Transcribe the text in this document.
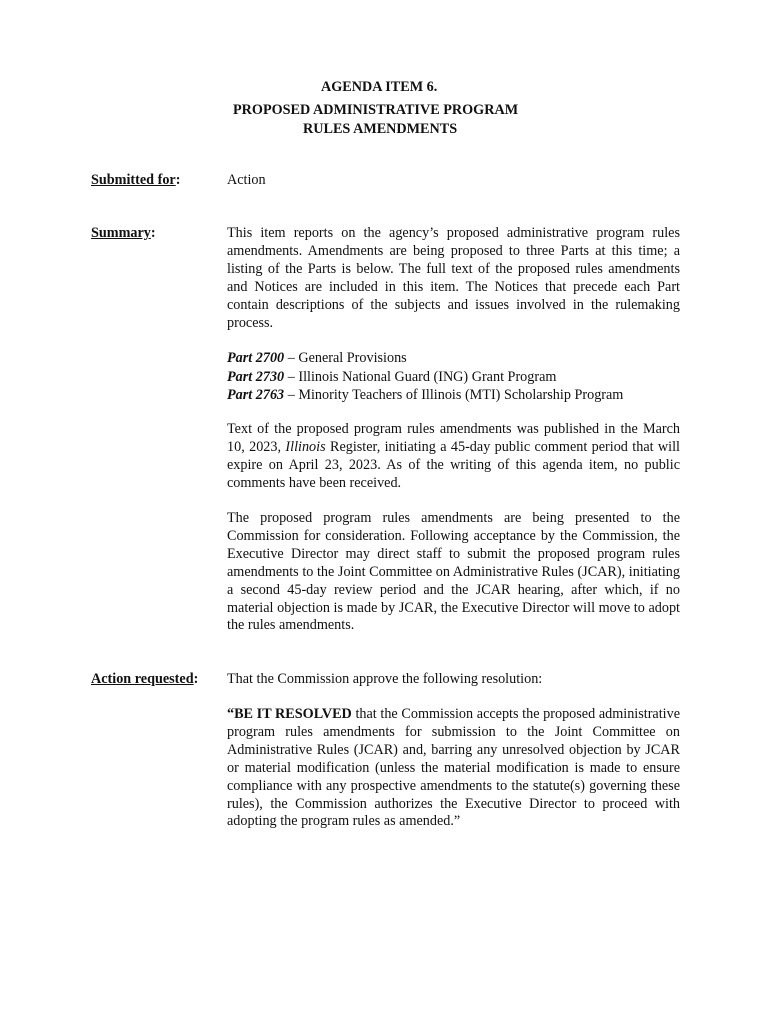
AGENDA ITEM 6.
PROPOSED ADMINISTRATIVE PROGRAM
RULES AMENDMENTS
Submitted for:	Action
Summary:	This item reports on the agency’s proposed administrative program rules amendments. Amendments are being proposed to three Parts at this time; a listing of the Parts is below. The full text of the proposed rules amendments and Notices are included in this item. The Notices that precede each Part contain descriptions of the subjects and issues involved in the rulemaking process.

Part 2700 – General Provisions
Part 2730 – Illinois National Guard (ING) Grant Program
Part 2763 – Minority Teachers of Illinois (MTI) Scholarship Program

Text of the proposed program rules amendments was published in the March 10, 2023, Illinois Register, initiating a 45-day public comment period that will expire on April 23, 2023. As of the writing of this agenda item, no public comments have been received.

The proposed program rules amendments are being presented to the Commission for consideration. Following acceptance by the Commission, the Executive Director may direct staff to submit the proposed program rules amendments to the Joint Committee on Administrative Rules (JCAR), initiating a second 45-day review period and the JCAR hearing, after which, if no material objection is made by JCAR, the Executive Director will move to adopt the rules amendments.

Action requested: That the Commission approve the following resolution:

“BE IT RESOLVED that the Commission accepts the proposed administrative program rules amendments for submission to the Joint Committee on Administrative Rules (JCAR) and, barring any unresolved objection by JCAR or material modification (unless the material modification is made to ensure compliance with any prospective amendments to the statute(s) governing these rules), the Commission authorizes the Executive Director to proceed with adopting the program rules as amended.”
